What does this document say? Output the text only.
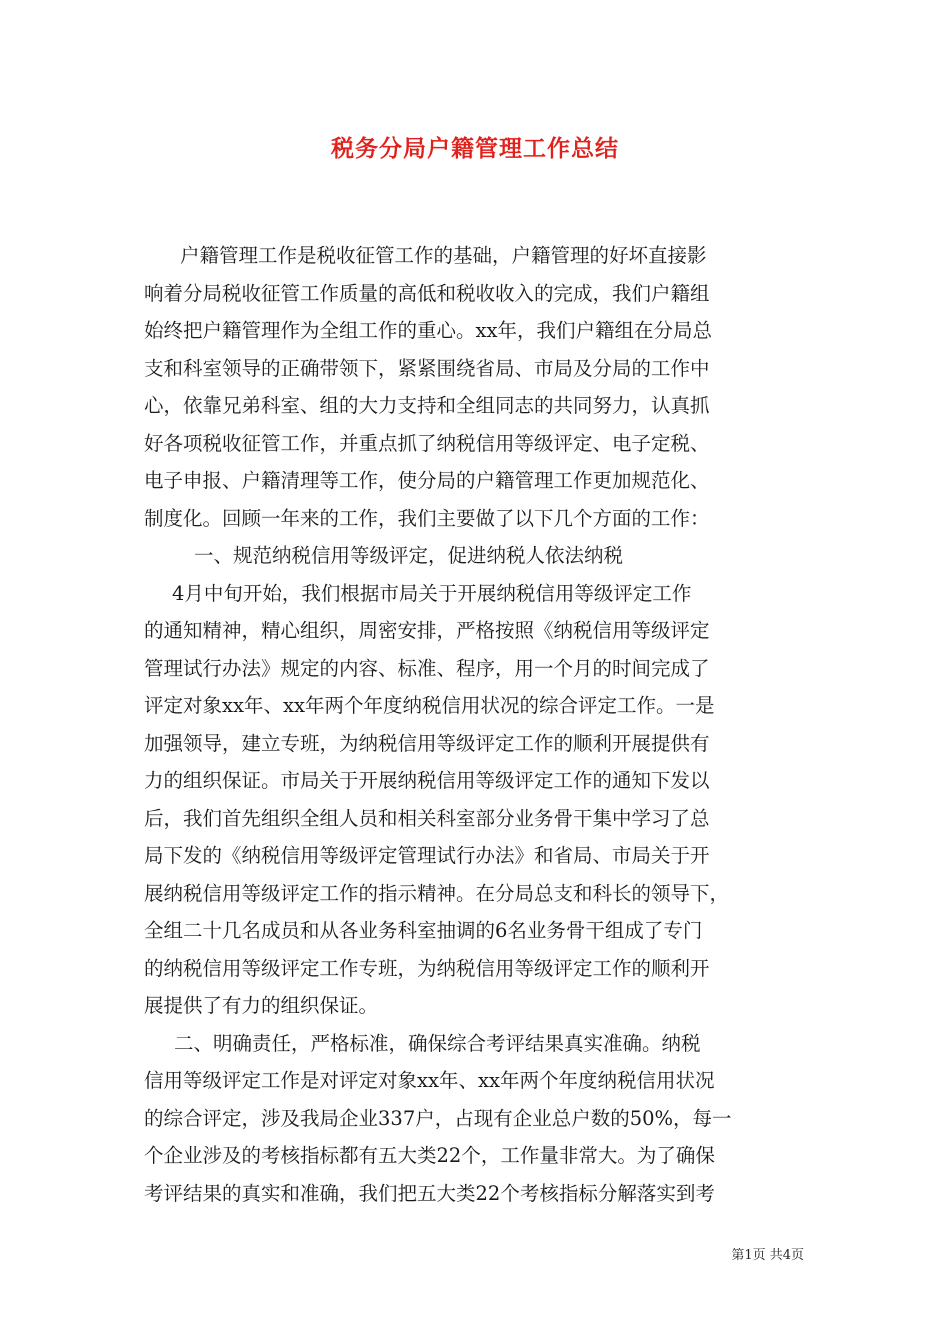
税务分局户籍管理工作总结
户籍管理工作是税收征管工作的基础，户籍管理的好坏直接影
响着分局税收征管工作质量的高低和税收收入的完成，我们户籍组
始终把户籍管理作为全组工作的重心。xx年，我们户籍组在分局总
支和科室领导的正确带领下，紧紧围绕省局、市局及分局的工作中
心，依靠兄弟科室、组的大力支持和全组同志的共同努力，认真抓
好各项税收征管工作，并重点抓了纳税信用等级评定、电子定税、
电子申报、户籍清理等工作，使分局的户籍管理工作更加规范化、
制度化。回顾一年来的工作，我们主要做了以下几个方面的工作：
一、规范纳税信用等级评定，促进纳税人依法纳税
4月中旬开始，我们根据市局关于开展纳税信用等级评定工作
的通知精神，精心组织，周密安排，严格按照《纳税信用等级评定
管理试行办法》规定的内容、标准、程序，用一个月的时间完成了
评定对象xx年、xx年两个年度纳税信用状况的综合评定工作。一是
加强领导，建立专班，为纳税信用等级评定工作的顺利开展提供有
力的组织保证。市局关于开展纳税信用等级评定工作的通知下发以
后，我们首先组织全组人员和相关科室部分业务骨干集中学习了总
局下发的《纳税信用等级评定管理试行办法》和省局、市局关于开
展纳税信用等级评定工作的指示精神。在分局总支和科长的领导下，
全组二十几名成员和从各业务科室抽调的6名业务骨干组成了专门
的纳税信用等级评定工作专班，为纳税信用等级评定工作的顺利开
展提供了有力的组织保证。
二、明确责任，严格标准，确保综合考评结果真实准确。纳税
信用等级评定工作是对评定对象xx年、xx年两个年度纳税信用状况
的综合评定，涉及我局企业337户，占现有企业总户数的50%，每一
个企业涉及的考核指标都有五大类22个，工作量非常大。为了确保
考评结果的真实和准确，我们把五大类22个考核指标分解落实到考
第1页 共4页
